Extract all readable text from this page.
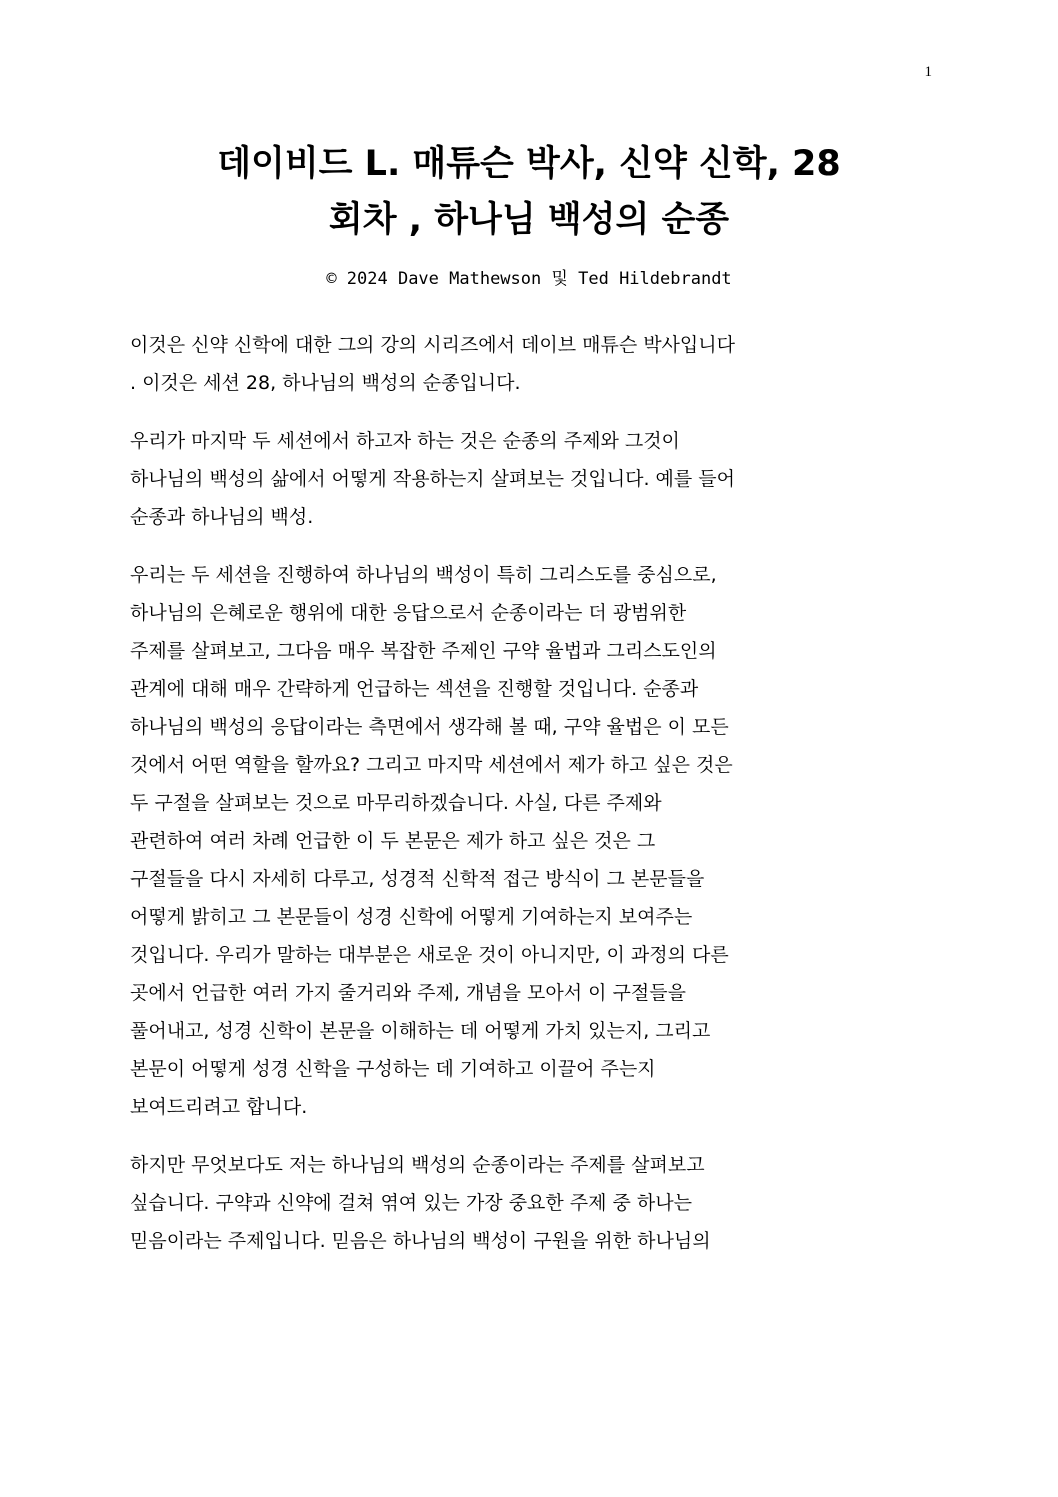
1
데이비드 L. 매튜슨 박사, 신약 신학, 28
회차 , 하나님 백성의 순종
© 2024 Dave Mathewson 및 Ted Hildebrandt

이것은 신약 신학에 대한 그의 강의 시리즈에서 데이브 매튜슨 박사입니다
. 이것은 세션 28, 하나님의 백성의 순종입니다.

우리가 마지막 두 세션에서 하고자 하는 것은 순종의 주제와 그것이
하나님의 백성의 삶에서 어떻게 작용하는지 살펴보는 것입니다. 예를 들어
순종과 하나님의 백성.

우리는 두 세션을 진행하여 하나님의 백성이 특히 그리스도를 중심으로,
하나님의 은혜로운 행위에 대한 응답으로서 순종이라는 더 광범위한
주제를 살펴보고, 그다음 매우 복잡한 주제인 구약 율법과 그리스도인의
관계에 대해 매우 간략하게 언급하는 섹션을 진행할 것입니다. 순종과
하나님의 백성의 응답이라는 측면에서 생각해 볼 때, 구약 율법은 이 모든
것에서 어떤 역할을 할까요? 그리고 마지막 세션에서 제가 하고 싶은 것은
두 구절을 살펴보는 것으로 마무리하겠습니다. 사실, 다른 주제와
관련하여 여러 차례 언급한 이 두 본문은 제가 하고 싶은 것은 그
구절들을 다시 자세히 다루고, 성경적 신학적 접근 방식이 그 본문들을
어떻게 밝히고 그 본문들이 성경 신학에 어떻게 기여하는지 보여주는
것입니다. 우리가 말하는 대부분은 새로운 것이 아니지만, 이 과정의 다른
곳에서 언급한 여러 가지 줄거리와 주제, 개념을 모아서 이 구절들을
풀어내고, 성경 신학이 본문을 이해하는 데 어떻게 가치 있는지, 그리고
본문이 어떻게 성경 신학을 구성하는 데 기여하고 이끌어 주는지
보여드리려고 합니다.

하지만 무엇보다도 저는 하나님의 백성의 순종이라는 주제를 살펴보고
싶습니다. 구약과 신약에 걸쳐 엮여 있는 가장 중요한 주제 중 하나는
믿음이라는 주제입니다. 믿음은 하나님의 백성이 구원을 위한 하나님의
